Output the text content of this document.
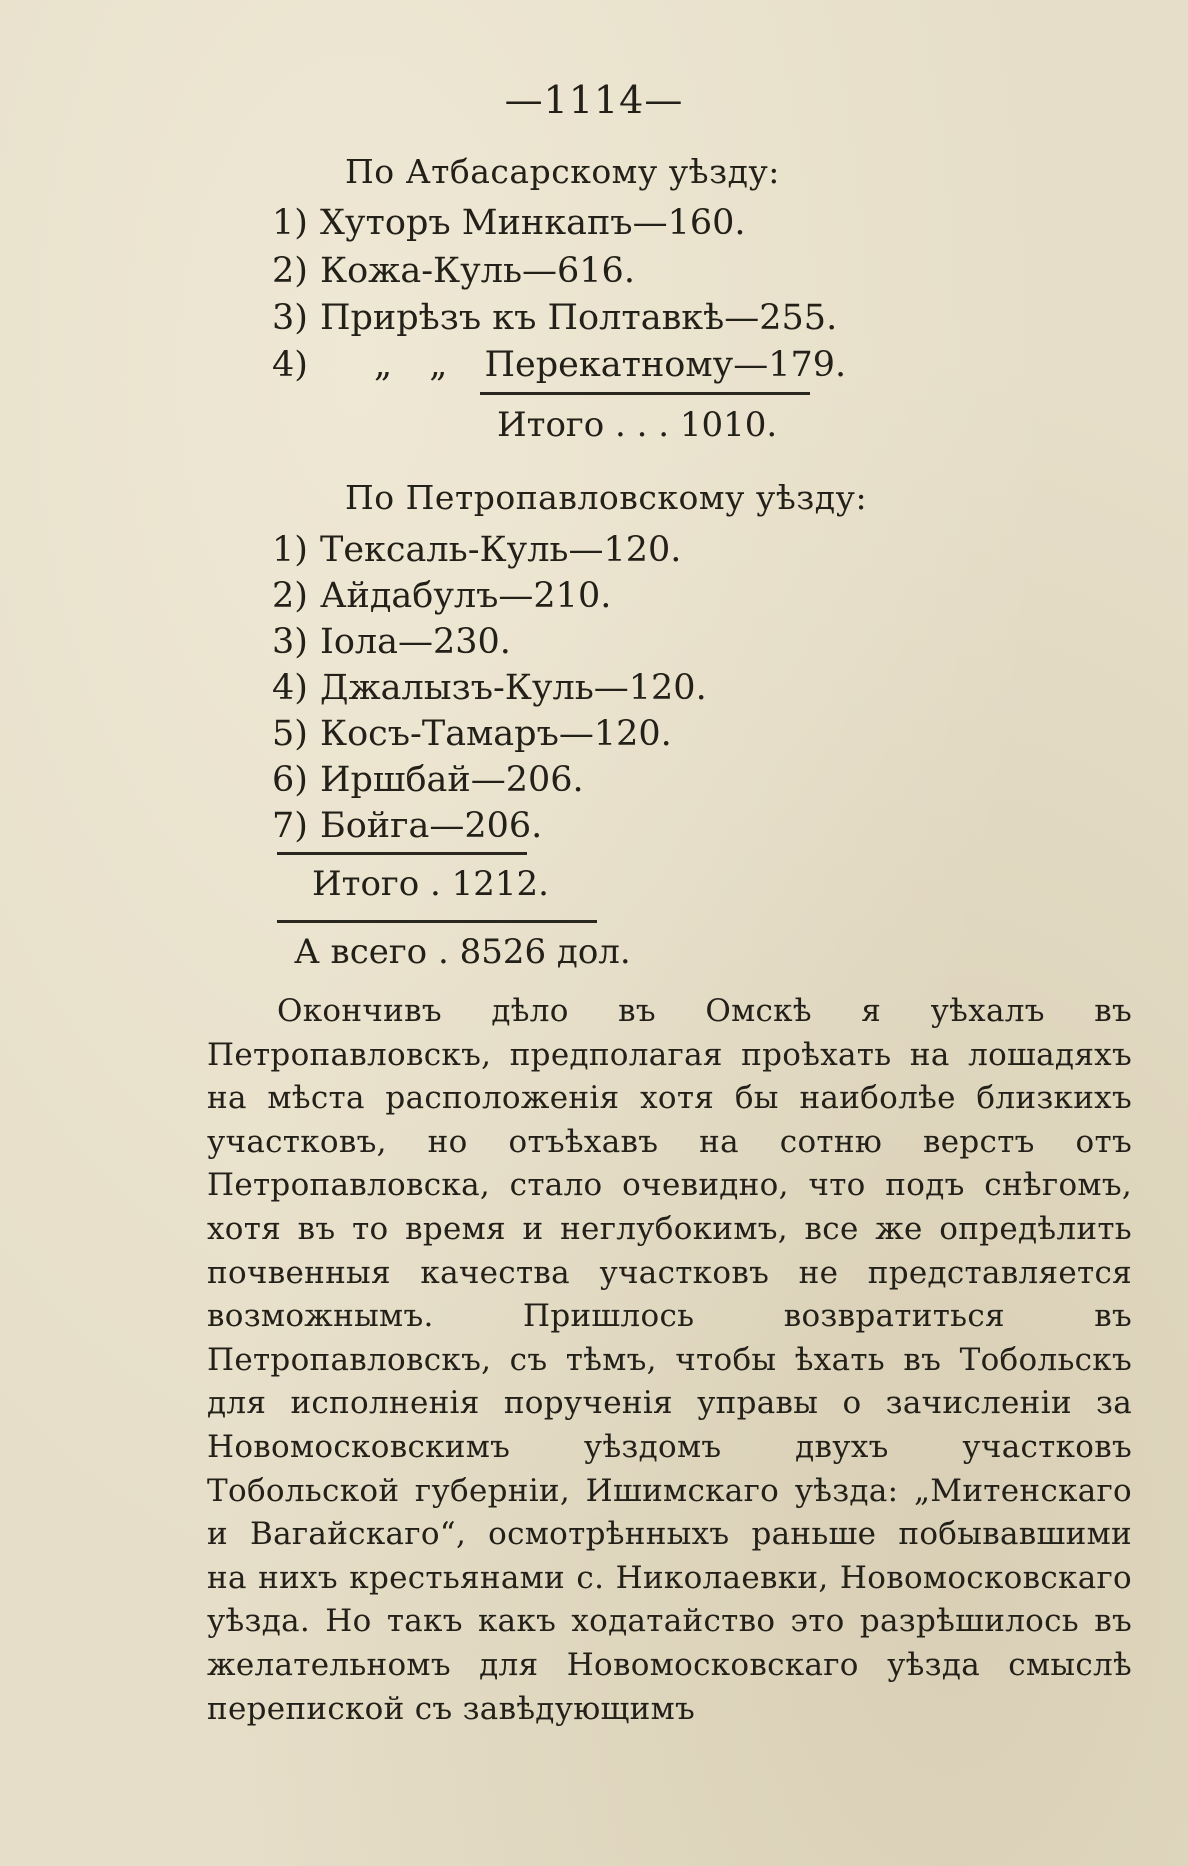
—1114—
По Атбасарскому уѣзду:
1) Хуторъ Минкапъ—160.
2) Кожа-Куль—616.
3) Прирѣзъ къ Полтавкѣ—255.
4) „ „ Перекатному—179.
Итого . . . 1010.
По Петропавловскому уѣзду:
1) Тексаль-Куль—120.
2) Айдабулъ—210.
3) Іола—230.
4) Джалызъ-Куль—120.
5) Косъ-Тамаръ—120.
6) Иршбай—206.
7) Бойга—206.
Итого . 1212.
А всего . 8526 дол.
Окончивъ дѣло въ Омскѣ я уѣхалъ въ Петропавловскъ, предполагая проѣхать на лошадяхъ на мѣста расположенія хотя бы наиболѣе близкихъ участковъ, но отъѣхавъ на сотню верстъ отъ Петропавловска, стало очевидно, что подъ снѣгомъ, хотя въ то время и неглубокимъ, все же опредѣлить почвенныя качества участковъ не представляется возможнымъ. Пришлось возвратиться въ Петропавловскъ, съ тѣмъ, чтобы ѣхать въ Тобольскъ для исполненія порученія управы о зачисленіи за Новомосковскимъ уѣздомъ двухъ участковъ Тобольской губерніи, Ишимскаго уѣзда: „Митенскаго и Вагайскаго“, осмотрѣнныхъ раньше побывавшими на нихъ крестьянами с. Николаевки, Новомосковскаго уѣзда. Но такъ какъ ходатайство это разрѣшилось въ желательномъ для Новомосковскаго уѣзда смыслѣ перепиской съ завѣдующимъ
